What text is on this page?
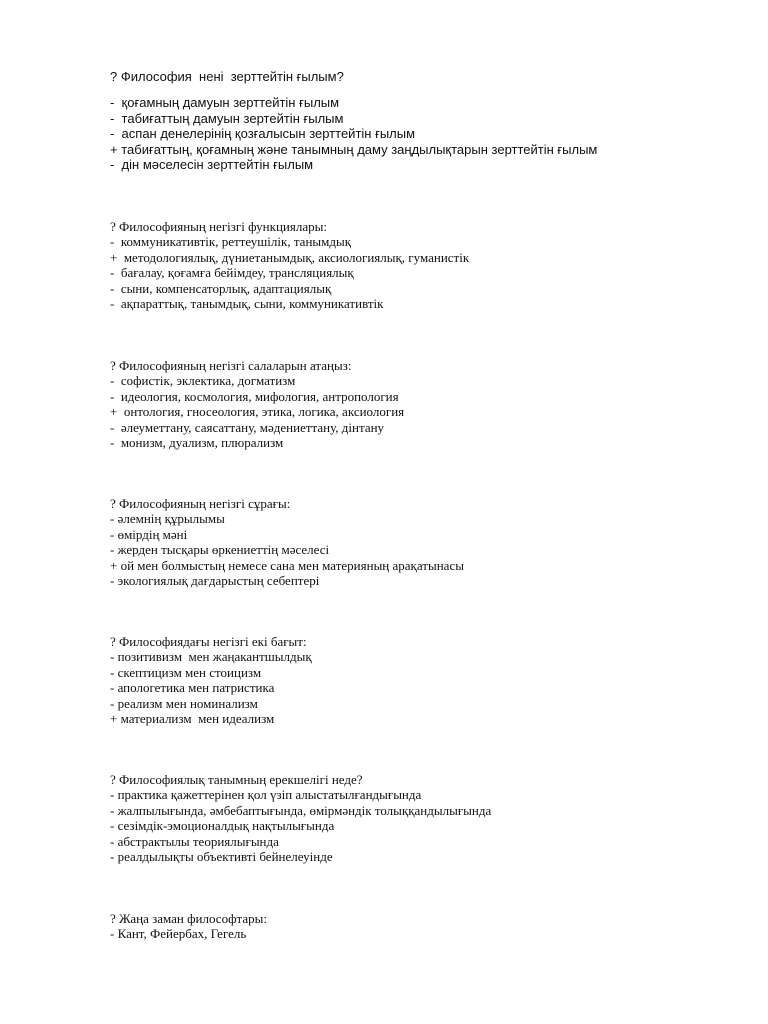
? Философия  нені  зерттейтін ғылым?
-  қоғамның дамуын зерттейтін ғылым
-  табиғаттың дамуын зертейтін ғылым
-  аспан денелерінің қозғалысын зерттейтін ғылым
+ табиғаттың, қоғамның және танымның даму заңдылықтарын зерттейтін ғылым
-  дін мәселесін зерттейтін ғылым
? Философияның негізгі функциялары:
-  коммуникативтік, реттеушілік, танымдық
+  методологиялық, дүниетанымдық, аксиологиялық, гуманистік
-  бағалау, қоғамға бейімдеу, трансляциялық
-  сыни, компенсаторлық, адаптациялық
-  ақпараттық, танымдық, сыни, коммуникативтік
? Философияның негізгі салаларын атаңыз:
-  софистік, эклектика, догматизм
-  идеология, космология, мифология, антропология
+  онтология, гносеология, этика, логика, аксиология
-  әлеуметтану, саясаттану, мәдениеттану, дінтану
-  монизм, дуализм, плюрализм
? Философияның негізгі сұрағы:
- әлемнің құрылымы
- өмірдің мәні
- жерден тысқары өркениеттің мәселесі
+ ой мен болмыстың немесе сана мен материяның арақатынасы
- экологиялық дағдарыстың себептері
? Философиядағы негізгі екі бағыт:
- позитивизм  мен жаңакантшылдық
- скептицизм мен стоицизм
- апологетика мен патристика
- реализм мен номинализм
+ материализм  мен идеализм
? Философиялық танымның ерекшелігі неде?
- практика қажеттерінен қол үзіп алыстатылғандығында
- жалпылығында, әмбебаптығында, өмірмәндік толыққандылығында
- сезімдік-эмоционалдық нақтылығында
- абстрактылы теориялығында
- реалдылықты объективті бейнелеуінде
? Жаңа заман философтары:
- Кант, Фейербах, Гегель
